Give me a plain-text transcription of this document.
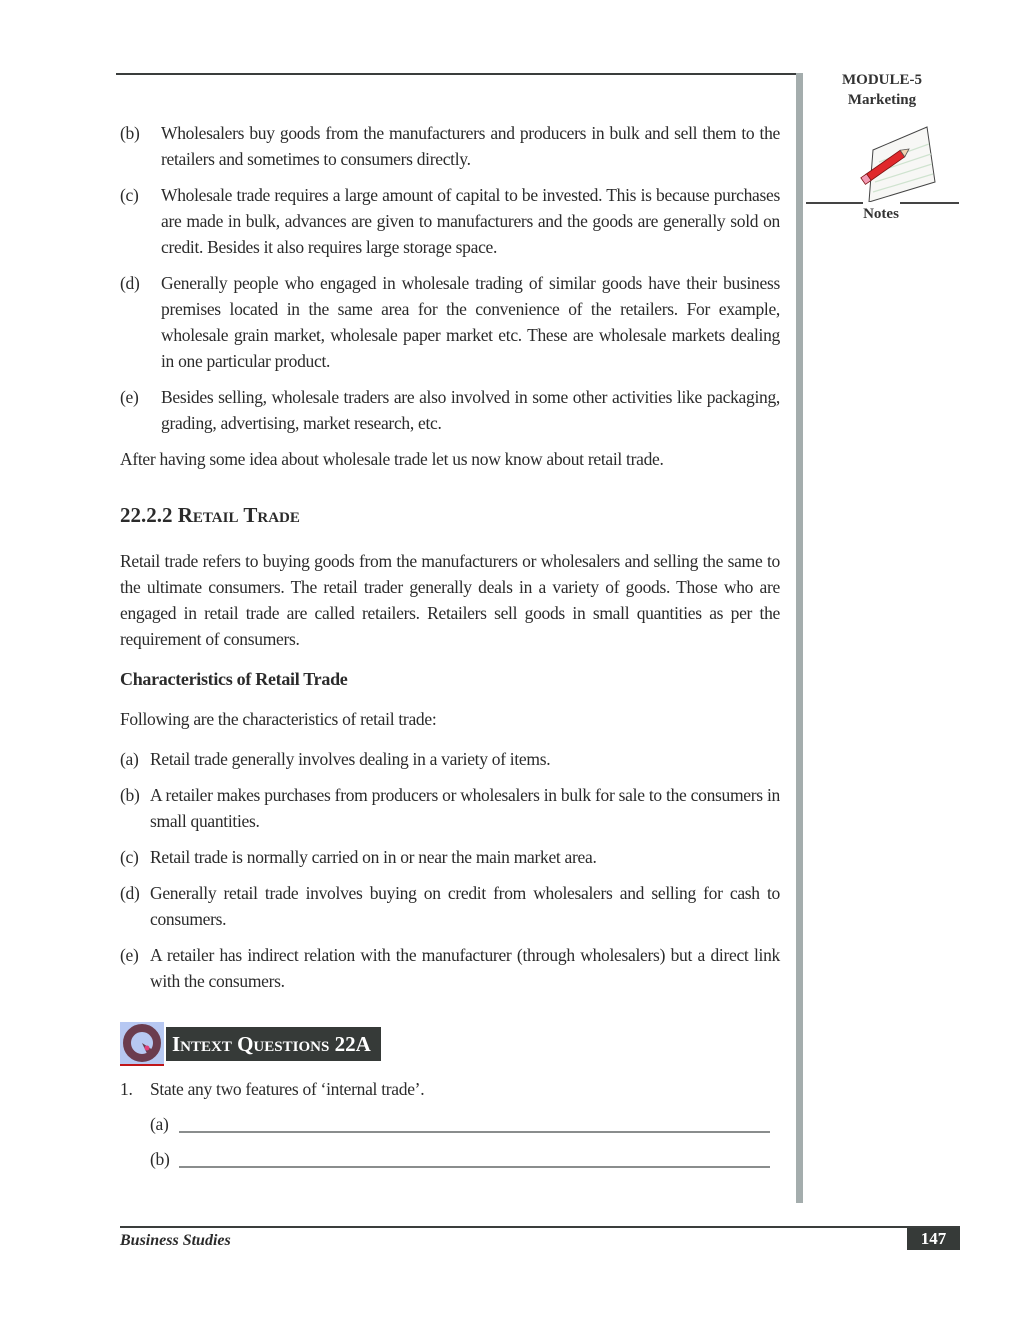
MODULE-5
Marketing
Notes
(b)	Wholesalers buy goods from the manufacturers and producers in bulk and sell them to the retailers and sometimes to consumers directly.
(c)	Wholesale trade requires a large amount of capital to be invested. This is because purchases are made in bulk, advances are given to manufacturers and the goods are generally sold on credit. Besides it also requires large storage space.
(d)	Generally people who engaged in wholesale trading of similar goods have their business premises located in the same area for the convenience of the retailers. For example, wholesale grain market, wholesale paper market etc. These are wholesale markets dealing in one particular product.
(e)	Besides selling, wholesale traders are also involved in some other activities like packaging, grading, advertising, market research, etc.

After having some idea about wholesale trade let us now know about retail trade.

22.2.2 Retail Trade

Retail trade refers to buying goods from the manufacturers or wholesalers and selling the same to the ultimate consumers. The retail trader generally deals in a variety of goods. Those who are engaged in retail trade are called retailers. Retailers sell goods in small quantities as per the requirement of consumers.

Characteristics of Retail Trade

Following are the characteristics of retail trade:

(a) Retail trade generally involves dealing in a variety of items.
(b) A retailer makes purchases from producers or wholesalers in bulk for sale to the consumers in small quantities.
(c) Retail trade is normally carried on in or near the main market area.
(d) Generally retail trade involves buying on credit from wholesalers and selling for cash to consumers.
(e) A retailer has indirect relation with the manufacturer (through wholesalers) but a direct link with the consumers.
Intext Questions
22A
1. State any two features of ‘internal trade’.
(a)
(b)
Business Studies	147
